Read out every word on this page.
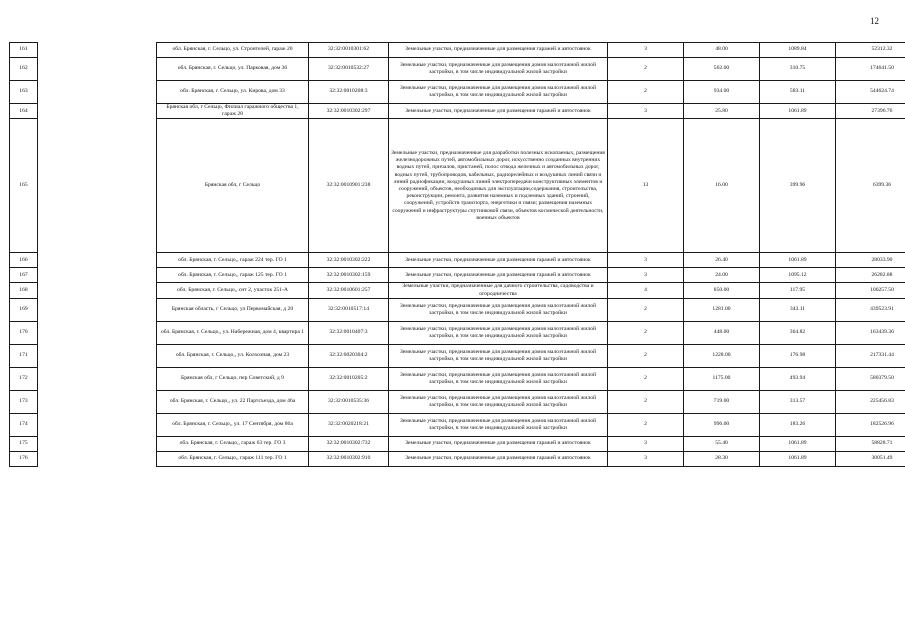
12
161		обл. Брянская, г. Сельцо, ул. Строителей, гараж 20	32:32:0010301:62	Земельные участки, предназначенные для размещения гаражей и автостоянок	3	48.00	1089.84	52312.32
162		обл. Брянская, г. Сельцо, ул. Парковая, дом 36	32:32:0010532:27	Земельные участки, предназначенные для размещения домов малоэтажной жилой застройки, в том числе индивидуальной жилой застройки	2	562.00	310.75	174641.50
163		обл. Брянская, г. Сельцо, ул. Кирова, дом 33	32:32:0010208:3	Земельные участки, предназначенные для размещения домов малоэтажной жилой застройки, в том числе индивидуальной жилой застройки	2	934.00	583.11	544624.74
164		Брянская обл, г Сельцо, Филиал гаражного общества 1, гараж 28	32:32:0010302:297	Земельные участки, предназначенные для размещения гаражей и автостоянок	3	25.80	1061.89	27396.76
165		Брянская обл, г Сельцо	32:32:0010901:238	Земельные участки, предназначенные для разработки полезных ископаемых, размещения железнодорожных путей, автомобильных дорог, искусственно созданных внутренних водных путей, причалов, пристаней, полос отвода железных и автомобильных дорог, водных путей, трубопроводов, кабельных, радиорелейных и воздушных линий связи и линий радиофикации, воздушных линий электропередачи конструктивных элементов и сооружений, объектов, необходимых для эксплуатации,содержания, строительства, реконструкции, ремонта, развития наземных и подземных зданий, строений, сооружений, устройств транспорта, энергетики и связи; размещения наземных сооружений и инфраструктуры спутниковой связи, объектов космической деятельности, военных объектов	13	16.00	399.96	6399.36
166		обл. Брянская, г. Сельцо,, гараж 224 тер. ГО 1	32:32:0010302:222	Земельные участки, предназначенные для размещения гаражей и автостоянок	3	26.40	1061.89	28033.90
167		обл. Брянская, г. Сельцо,, гараж 125 тер. ГО 1	32:32:0010302:159	Земельные участки, предназначенные для размещения гаражей и автостоянок	3	24.00	1095.12	26282.88
168		обл. Брянская, г. Сельцо,, снт 2, участок 251-А	32:32:0010601:257	Земельные участки, предназначенные для дачного строительства, садоводства и огородничества	4	850.00	117.95	100257.50
169		Брянская область, г Сельцо, ул Первомайская, д 20	32:32:0010517:14	Земельные участки, предназначенные для размещения домов малоэтажной жилой застройки, в том числе индивидуальной жилой застройки	2	1281.00	343.11	439523.91
170		обл. Брянская, г. Сельцо,, ул. Набережная, дом 4, квартира 1	32:32:0010407:3	Земельные участки, предназначенные для размещения домов малоэтажной жилой застройки, в том числе индивидуальной жилой застройки	2	448.00	364.82	163439.36
171		обл. Брянская, г. Сельцо,, ул. Колхозная, дом 23	32:32:0020304:2	Земельные участки, предназначенные для размещения домов малоэтажной жилой застройки, в том числе индивидуальной жилой застройки	2	1228.00	176.98	217331.44
172		Брянская обл, г Сельцо, пер Советский, д 9	32:32:0010205:2	Земельные участки, предназначенные для размещения домов малоэтажной жилой застройки, в том числе индивидуальной жилой застройки	2	1175.00	493.94	580379.50
173		обл. Брянская, г. Сельцо,, ул. 22 Партсъезда, дом 46а	32:32:0010535:36	Земельные участки, предназначенные для размещения домов малоэтажной жилой застройки, в том числе индивидуальной жилой застройки	2	719.00	313.57	225456.83
174		обл. Брянская, г. Сельцо,, ул. 17 Сентября, дом 86а	32:32:0020218:21	Земельные участки, предназначенные для размещения домов малоэтажной жилой застройки, в том числе индивидуальной жилой застройки	2	996.00	183.26	182526.96
175		обл. Брянская, г. Сельцо,, гараж 63 тер. ГО 3	32:32:0010302:732	Земельные участки, предназначенные для размещения гаражей и автостоянок	3	55.40	1061.89	58828.71
176		обл. Брянская, г. Сельцо,, гараж 111 тер. ГО 1	32:32:0010302:910	Земельные участки, предназначенные для размещения гаражей и автостоянок	3	28.30	1061.89	30051.49
